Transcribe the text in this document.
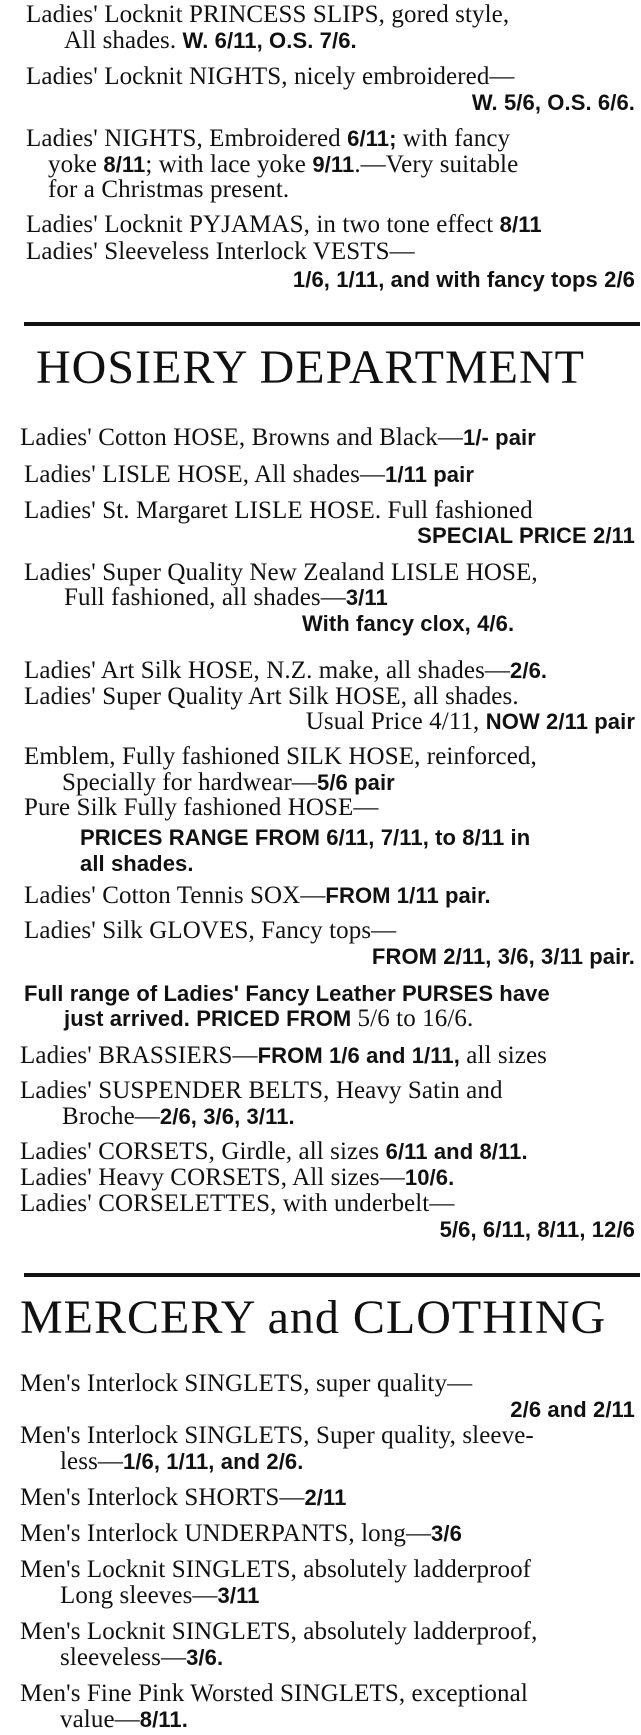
Ladies' Locknit PRINCESS SLIPS, gored style,
All shades. W. 6/11, O.S. 7/6.
Ladies' Locknit NIGHTS, nicely embroidered—
W. 5/6, O.S. 6/6.
Ladies' NIGHTS, Embroidered 6/11; with fancy
yoke 8/11; with lace yoke 9/11.—Very suitable
for a Christmas present.
Ladies' Locknit PYJAMAS, in two tone effect 8/11
Ladies' Sleeveless Interlock VESTS—
1/6, 1/11, and with fancy tops 2/6
HOSIERY DEPARTMENT
Ladies' Cotton HOSE, Browns and Black—1/- pair
Ladies' LISLE HOSE, All shades—1/11 pair
Ladies' St. Margaret LISLE HOSE. Full fashioned
SPECIAL PRICE 2/11
Ladies' Super Quality New Zealand LISLE HOSE,
Full fashioned, all shades—3/11
With fancy clox, 4/6.
Ladies' Art Silk HOSE, N.Z. make, all shades—2/6.
Ladies' Super Quality Art Silk HOSE, all shades.
Usual Price 4/11, NOW 2/11 pair
Emblem, Fully fashioned SILK HOSE, reinforced,
Specially for hardwear—5/6 pair
Pure Silk Fully fashioned HOSE—
PRICES RANGE FROM 6/11, 7/11, to 8/11 in
all shades.
Ladies' Cotton Tennis SOX—FROM 1/11 pair.
Ladies' Silk GLOVES, Fancy tops—
FROM 2/11, 3/6, 3/11 pair.
Full range of Ladies' Fancy Leather PURSES have
just arrived. PRICED FROM 5/6 to 16/6.
Ladies' BRASSIERS—FROM 1/6 and 1/11, all sizes
Ladies' SUSPENDER BELTS, Heavy Satin and
Broche—2/6, 3/6, 3/11.
Ladies' CORSETS, Girdle, all sizes 6/11 and 8/11.
Ladies' Heavy CORSETS, All sizes—10/6.
Ladies' CORSELETTES, with underbelt—
5/6, 6/11, 8/11, 12/6
MERCERY and CLOTHING
Men's Interlock SINGLETS, super quality—
2/6 and 2/11
Men's Interlock SINGLETS, Super quality, sleeve-
less—1/6, 1/11, and 2/6.
Men's Interlock SHORTS—2/11
Men's Interlock UNDERPANTS, long—3/6
Men's Locknit SINGLETS, absolutely ladderproof
Long sleeves—3/11
Men's Locknit SINGLETS, absolutely ladderproof,
sleeveless—3/6.
Men's Fine Pink Worsted SINGLETS, exceptional
value—8/11.
